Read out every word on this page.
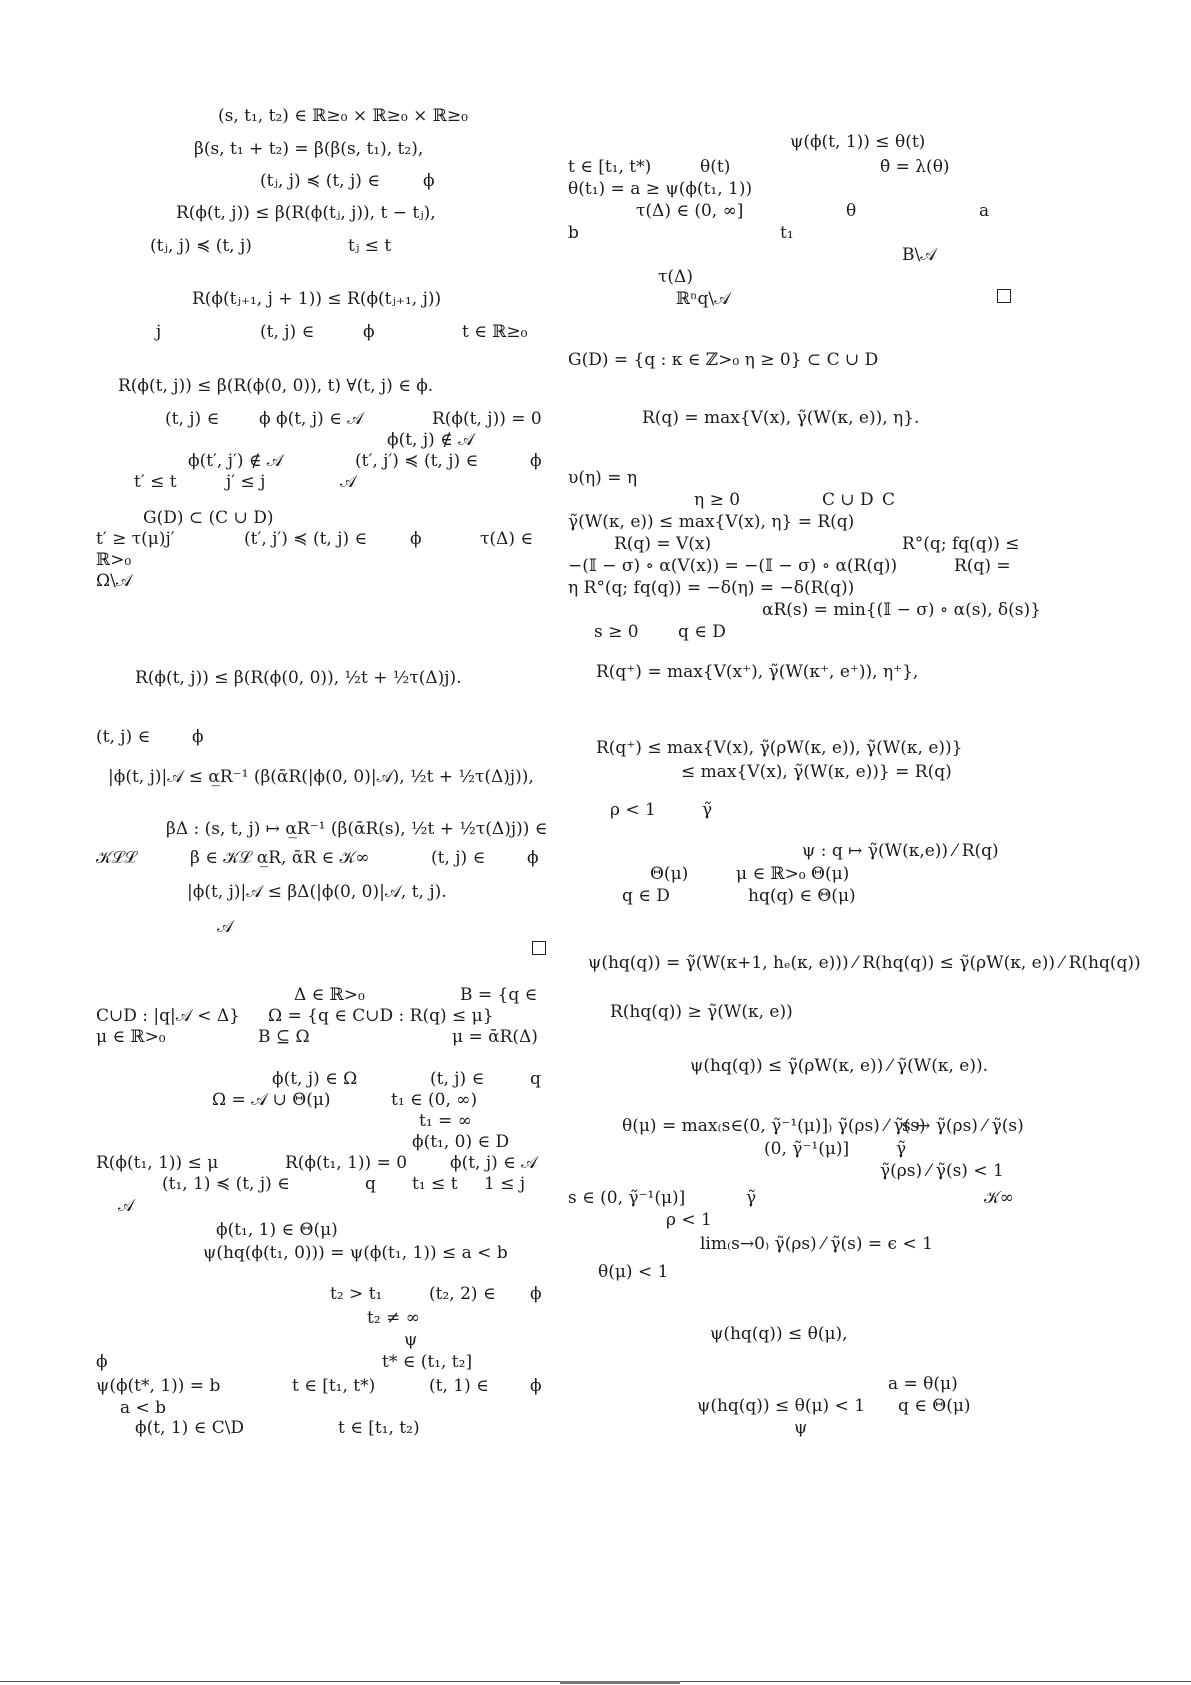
(s, t₁, t₂) ∈ ℝ≥₀ × ℝ≥₀ × ℝ≥₀
β(s, t₁ + t₂) = β(β(s, t₁), t₂),
(tⱼ, j) ≼ (t, j) ∈	ϕ
R(ϕ(t, j)) ≤ β(R(ϕ(tⱼ, j)), t − tⱼ),
(tⱼ, j) ≼ (t, j)	tⱼ ≤ t
R(ϕ(tⱼ₊₁, j + 1)) ≤ R(ϕ(tⱼ₊₁, j))
j	(t, j) ∈	ϕ	t ∈ ℝ≥₀
R(ϕ(t, j)) ≤ β(R(ϕ(0, 0)), t) ∀(t, j) ∈ ϕ.
(t, j) ∈ ϕ ϕ(t, j) ∈ 𝒜	R(ϕ(t, j)) = 0
ϕ(t, j) ∉ 𝒜
ϕ(t′, j′) ∉ 𝒜	(t′, j′) ≼ (t, j) ∈	ϕ
t′ ≤ t	j′ ≤ j	𝒜
G(D) ⊂ (C ∪ D)
t′ ≥ τ(μ)j′	(t′, j′) ≼ (t, j) ∈	ϕ	τ(Δ) ∈
ℝ>₀
Ω\𝒜
R(ϕ(t, j)) ≤ β(R(ϕ(0, 0)), ½t + ½τ(Δ)j).
(t, j) ∈ ϕ
|ϕ(t, j)|𝒜 ≤ α̲R⁻¹ (β(ᾱR(|ϕ(0, 0)|𝒜), ½t + ½τ(Δ)j)),
βΔ : (s, t, j) ↦ α̲R⁻¹ (β(ᾱR(s), ½t + ½τ(Δ)j)) ∈
𝒦ℒℒ	β ∈ 𝒦ℒ α̲R, ᾱR ∈ 𝒦∞	(t, j) ∈ ϕ
|ϕ(t, j)|𝒜 ≤ βΔ(|ϕ(0, 0)|𝒜, t, j).
𝒜
Δ ∈ ℝ>₀	B = {q ∈
C∪D : |q|𝒜 < Δ} Ω = {q ∈ C∪D : R(q) ≤ μ}
μ ∈ ℝ>₀	B ⊆ Ω	μ = ᾱR(Δ)
ϕ(t, j) ∈ Ω	(t, j) ∈	q
Ω = 𝒜 ∪ Θ(μ)	t₁ ∈ (0, ∞)
t₁ = ∞
ϕ(t₁, 0) ∈ D
R(ϕ(t₁, 1)) ≤ μ	R(ϕ(t₁, 1)) = 0	ϕ(t, j) ∈ 𝒜
(t₁, 1) ≼ (t, j) ∈	q t₁ ≤ t 1 ≤ j
𝒜
ϕ(t₁, 1) ∈ Θ(μ)
ψ(hq(ϕ(t₁, 0))) = ψ(ϕ(t₁, 1)) ≤ a < b
t₂ > t₁	(t₂, 2) ∈ ϕ
t₂ ≠ ∞
ψ
ϕ	t* ∈ (t₁, t₂]
ψ(ϕ(t*, 1)) = b	t ∈ [t₁, t*)	(t, 1) ∈ ϕ
a < b
ϕ(t, 1) ∈ C\D	t ∈ [t₁, t₂)
ψ(ϕ(t, 1)) ≤ θ(t)
t ∈ [t₁, t*)	θ(t)	θ̇ = λ(θ)
θ(t₁) = a ≥ ψ(ϕ(t₁, 1))
τ(Δ) ∈ (0, ∞]	θ	a
b	t₁
B\𝒜
τ(Δ)
ℝⁿq\𝒜
G(D) = {q : κ ∈ ℤ>₀ η ≥ 0} ⊂ C ∪ D
R(q) = max{V(x), γ̃(W(κ, e)), η}.
υ(η) = η
η ≥ 0	C ∪ D C
γ̃(W(κ, e)) ≤ max{V(x), η} = R(q)
R(q) = V(x)	R°(q; fq(q)) ≤
−(𝕀 − σ) ∘ α(V(x)) = −(𝕀 − σ) ∘ α(R(q))	R(q) =
η R°(q; fq(q)) = −δ(η) = −δ(R(q))
αR(s) = min{(𝕀 − σ) ∘ α(s), δ(s)}
s ≥ 0 q ∈ D
R(q⁺) = max{V(x⁺), γ̃(W(κ⁺, e⁺)), η⁺},
R(q⁺) ≤ max{V(x), γ̃(ρW(κ, e)), γ̃(W(κ, e))}
≤ max{V(x), γ̃(W(κ, e))} = R(q)
ρ < 1	γ̃
ψ : q ↦ γ̃(W(κ,e)) ⁄ R(q)
Θ(μ)	μ ∈ ℝ>₀ Θ(μ)
q ∈ D	hq(q) ∈ Θ(μ)
ψ(hq(q)) = γ̃(W(κ+1, hₑ(κ, e))) ⁄ R(hq(q)) ≤ γ̃(ρW(κ, e)) ⁄ R(hq(q))
R(hq(q)) ≥ γ̃(W(κ, e))
ψ(hq(q)) ≤ γ̃(ρW(κ, e)) ⁄ γ̃(W(κ, e)).
θ(μ) = max₍s∈(0, γ̃⁻¹(μ)]₎ γ̃(ρs) ⁄ γ̃(s)
s ↦ γ̃(ρs) ⁄ γ̃(s)
(0, γ̃⁻¹(μ)]	γ̃
γ̃(ρs) ⁄ γ̃(s) < 1
s ∈ (0, γ̃⁻¹(μ)]	γ̃	𝒦∞
ρ < 1
lim₍s→0₎ γ̃(ρs) ⁄ γ̃(s) = ϵ < 1
θ(μ) < 1
ψ(hq(q)) ≤ θ(μ),
a = θ(μ)
ψ(hq(q)) ≤ θ(μ) < 1 q ∈ Θ(μ)
ψ
